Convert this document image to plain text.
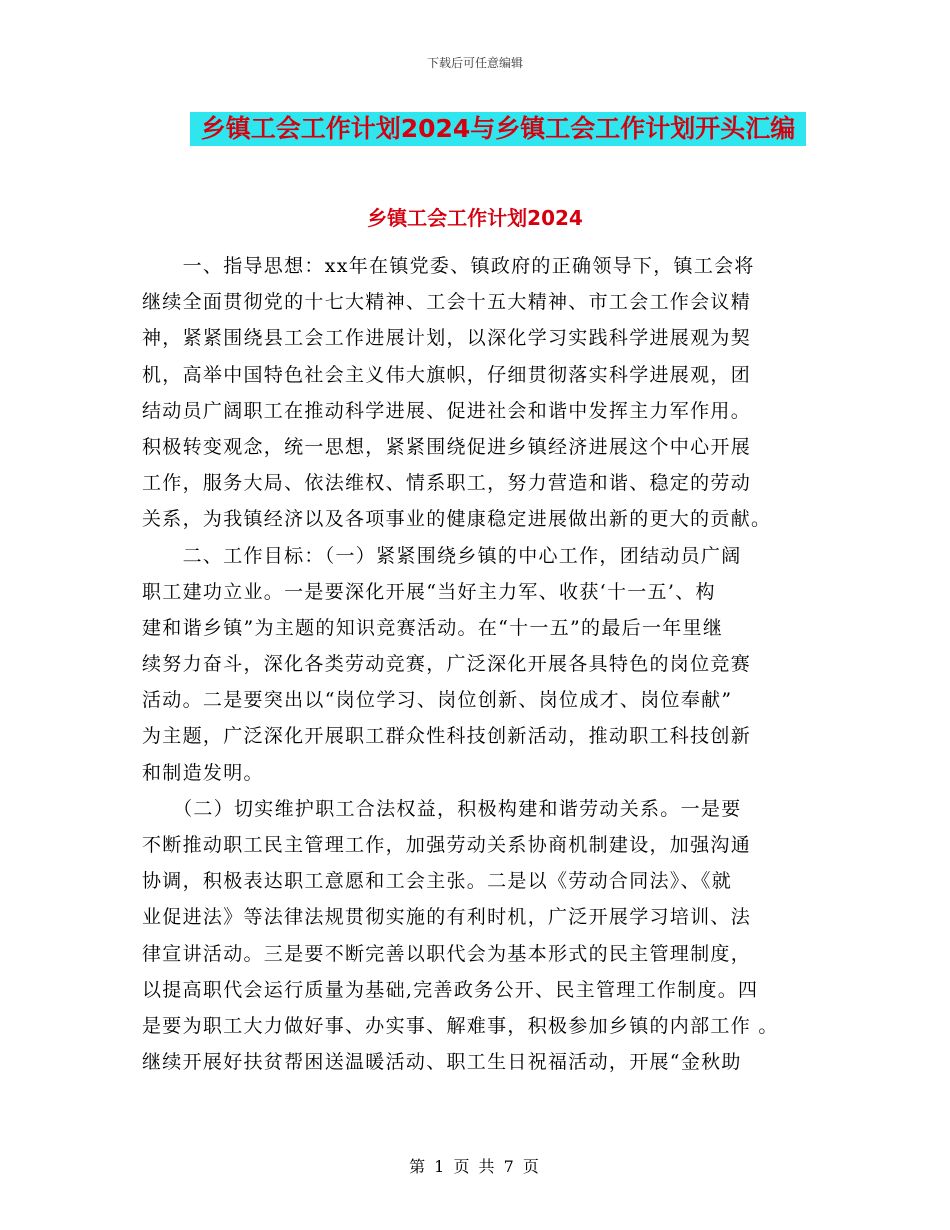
下载后可任意编辑
乡镇工会工作计划2024与乡镇工会工作计划开头汇编
乡镇工会工作计划2024
　　一、指导思想：xx年在镇党委、镇政府的正确领导下，镇工会将
继续全面贯彻党的十七大精神、工会十五大精神、市工会工作会议精
神，紧紧围绕县工会工作进展计划，以深化学习实践科学进展观为契
机，高举中国特色社会主义伟大旗帜，仔细贯彻落实科学进展观，团
结动员广阔职工在推动科学进展、促进社会和谐中发挥主力军作用。
积极转变观念，统一思想，紧紧围绕促进乡镇经济进展这个中心开展
工作，服务大局、依法维权、情系职工，努力营造和谐、稳定的劳动
关系，为我镇经济以及各项事业的健康稳定进展做出新的更大的贡献。
　　二、工作目标：（一）紧紧围绕乡镇的中心工作，团结动员广阔
职工建功立业。一是要深化开展“当好主力军、收获‘十一五’、构
建和谐乡镇”为主题的知识竞赛活动。在“十一五”的最后一年里继
续努力奋斗，深化各类劳动竞赛，广泛深化开展各具特色的岗位竞赛
活动。二是要突出以“岗位学习、岗位创新、岗位成才、岗位奉献”
为主题，广泛深化开展职工群众性科技创新活动，推动职工科技创新
和制造发明。
　　（二）切实维护职工合法权益，积极构建和谐劳动关系。一是要
不断推动职工民主管理工作，加强劳动关系协商机制建设，加强沟通
协调，积极表达职工意愿和工会主张。二是以《劳动合同法》、《就
业促进法》等法律法规贯彻实施的有利时机，广泛开展学习培训、法
律宣讲活动。三是要不断完善以职代会为基本形式的民主管理制度，
以提高职代会运行质量为基础,完善政务公开、民主管理工作制度。四
是要为职工大力做好事、办实事、解难事，积极参加乡镇的内部工作 。
继续开展好扶贫帮困送温暖活动、职工生日祝福活动，开展“金秋助
第 1 页 共 7 页
